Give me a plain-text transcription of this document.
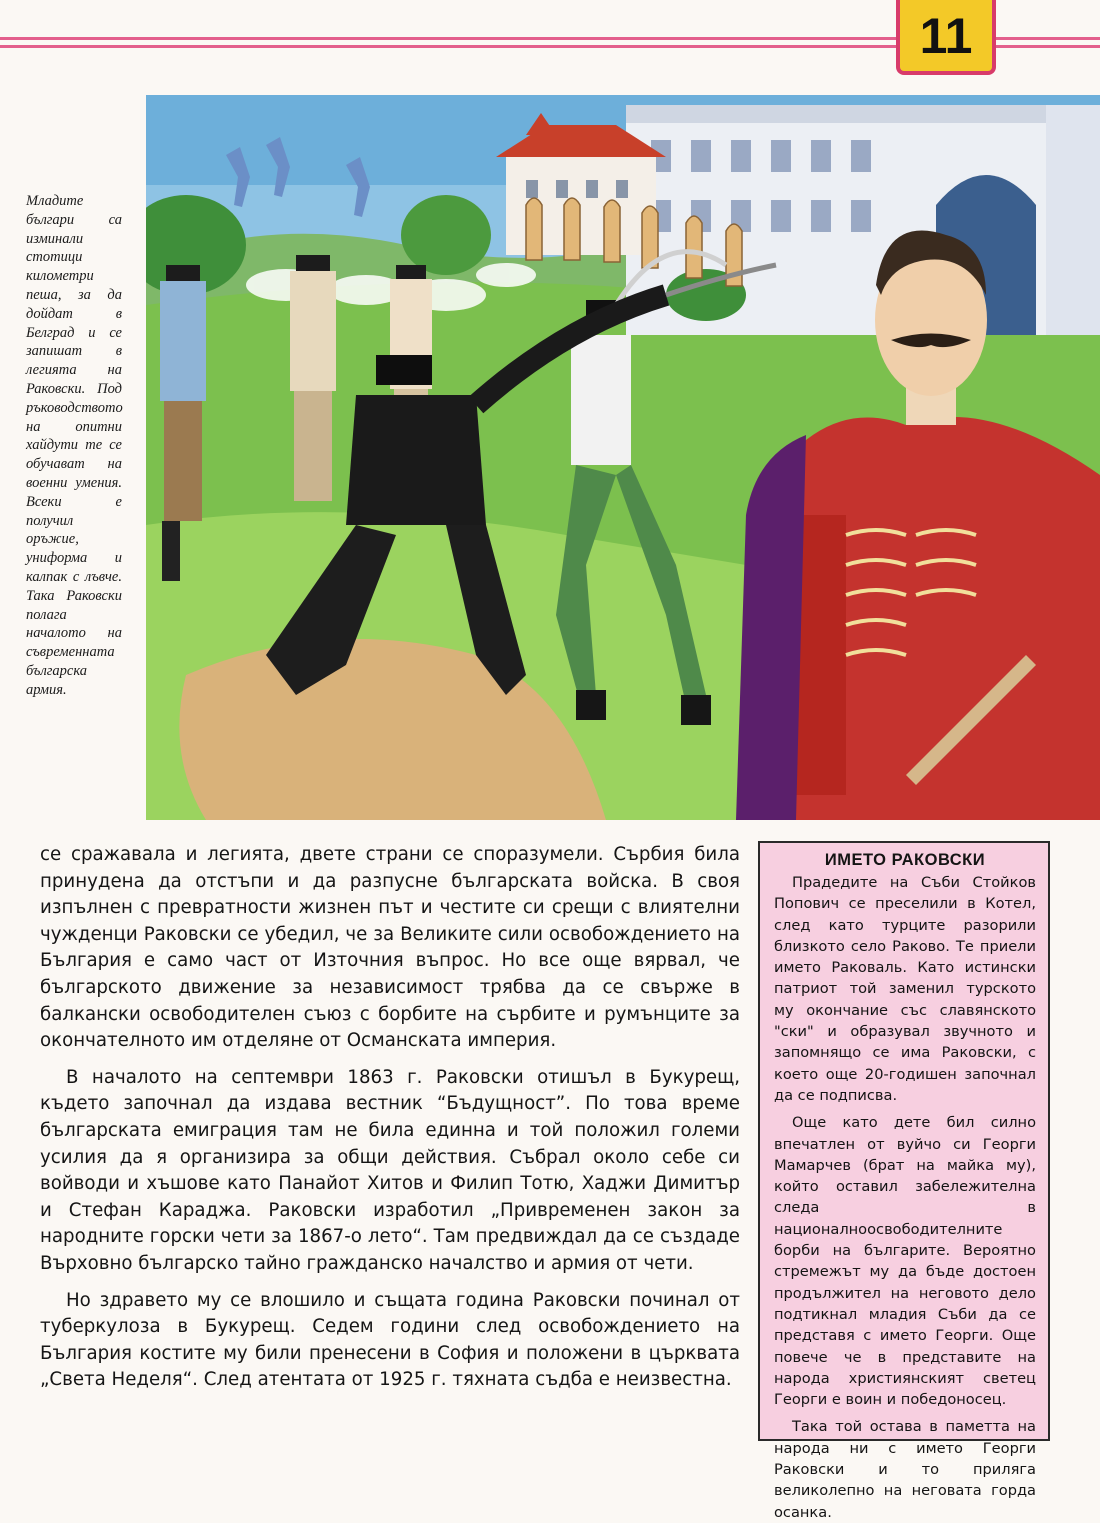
11
Младите българи са изминали стотици километри пеша, за да дойдат в Белград и се запишат в легията на Раковски. Под ръководството на опитни хайдути те се обучават на военни умения. Всеки е получил оръжие, униформа и калпак с лъвче. Така Раковски полага началото на съвременната българска армия.

се сражавала и легията, двете страни се споразумели. Сърбия била принудена да отстъпи и да разпусне българската войска. В своя изпълнен с превратности жизнен път и честите си срещи с влиятелни чужденци Раковски се убедил, че за Великите сили освобождението на България е само част от Източния въпрос. Но все още вярвал, че българското движение за независимост трябва да се свърже в балкански освободителен съюз с борбите на сърбите и румънците за окончателното им отделяне от Османската империя.

В началото на септември 1863 г. Раковски отишъл в Букурещ, където започнал да издава вестник “Бъдущност”. По това време българската емиграция там не била единна и той положил големи усилия да я организира за общи действия. Събрал около себе си войводи и хъшове като Панайот Хитов и Филип Тотю, Хаджи Димитър и Стефан Караджа. Раковски изработил „Привременен закон за народните горски чети за 1867-о лето“. Там предвиждал да се създаде Върховно българско тайно гражданско началство и армия от чети.

Но здравето му се влошило и същата година Раковски починал от туберкулоза в Букурещ. Седем години след освобождението на България костите му били пренесени в София и положени в църквата „Света Неделя“. След атентата от 1925 г. тяхната съдба е неизвестна.

ИМЕТО РАКОВСКИ

Прадедите на Съби Стойков Попович се преселили в Котел, след като турците разорили близкото село Раково. Те приели името Раковаль. Като истински патриот той заменил турското му окончание със славянското "ски" и образувал звучното и запомнящо се има Раковски, с което още 20-годишен започнал да се подписва.

Още като дете бил силно впечатлен от вуйчо си Георги Мамарчев (брат на майка му), който оставил забележителна следа в националноосвободителните борби на българите. Вероятно стремежът му да бъде достоен продължител на неговото дело подтикнал младия Съби да се представя с името Георги. Още повече че в представите на народа християнският светец Георги е воин и победоносец.

Така той остава в паметта на народа ни с името Георги Раковски и то приляга великолепно на неговата горда осанка.
